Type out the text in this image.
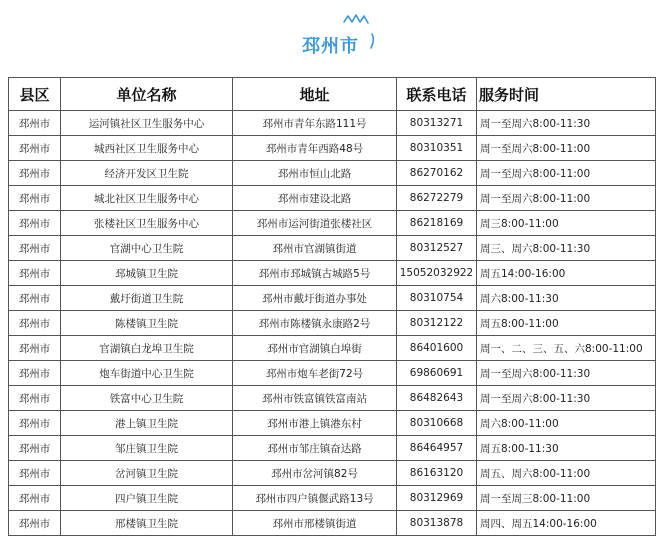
邳州市
县区	单位名称	地址	联系电话	服务时间
邳州市	运河镇社区卫生服务中心	邳州市青年东路111号	80313271	周一至周六8:00-11:30
邳州市	城西社区卫生服务中心	邳州市青年西路48号	80310351	周一至周六8:00-11:00
邳州市	经济开发区卫生院	邳州市恒山北路	86270162	周一至周六8:00-11:00
邳州市	城北社区卫生服务中心	邳州市建设北路	86272279	周一至周六8:00-11:00
邳州市	张楼社区卫生服务中心	邳州市运河街道张楼社区	86218169	周三8:00-11:00
邳州市	官湖中心卫生院	邳州市官湖镇街道	80312527	周三、周六8:00-11:30
邳州市	邳城镇卫生院	邳州市邳城镇古城路5号	15052032922	周五14:00-16:00
邳州市	戴圩街道卫生院	邳州市戴圩街道办事处	80310754	周六8:00-11:30
邳州市	陈楼镇卫生院	邳州市陈楼镇永康路2号	80312122	周五8:00-11:00
邳州市	官湖镇白龙埠卫生院	邳州市官湖镇白埠街	86401600	周一、二、三、五、六8:00-11:00
邳州市	炮车街道中心卫生院	邳州市炮车老街72号	69860691	周一至周六8:00-11:30
邳州市	铁富中心卫生院	邳州市铁富镇铁富南站	86482643	周一至周六8:00-11:30
邳州市	港上镇卫生院	邳州市港上镇港东村	80310668	周六8:00-11:00
邳州市	邹庄镇卫生院	邳州市邹庄镇奋达路	86464957	周五8:00-11:30
邳州市	岔河镇卫生院	邳州市岔河镇82号	86163120	周五、周六8:00-11:00
邳州市	四户镇卫生院	邳州市四户镇偃武路13号	80312969	周一至周三8:00-11:00
邳州市	邢楼镇卫生院	邳州市邢楼镇街道	80313878	周四、周五14:00-16:00
